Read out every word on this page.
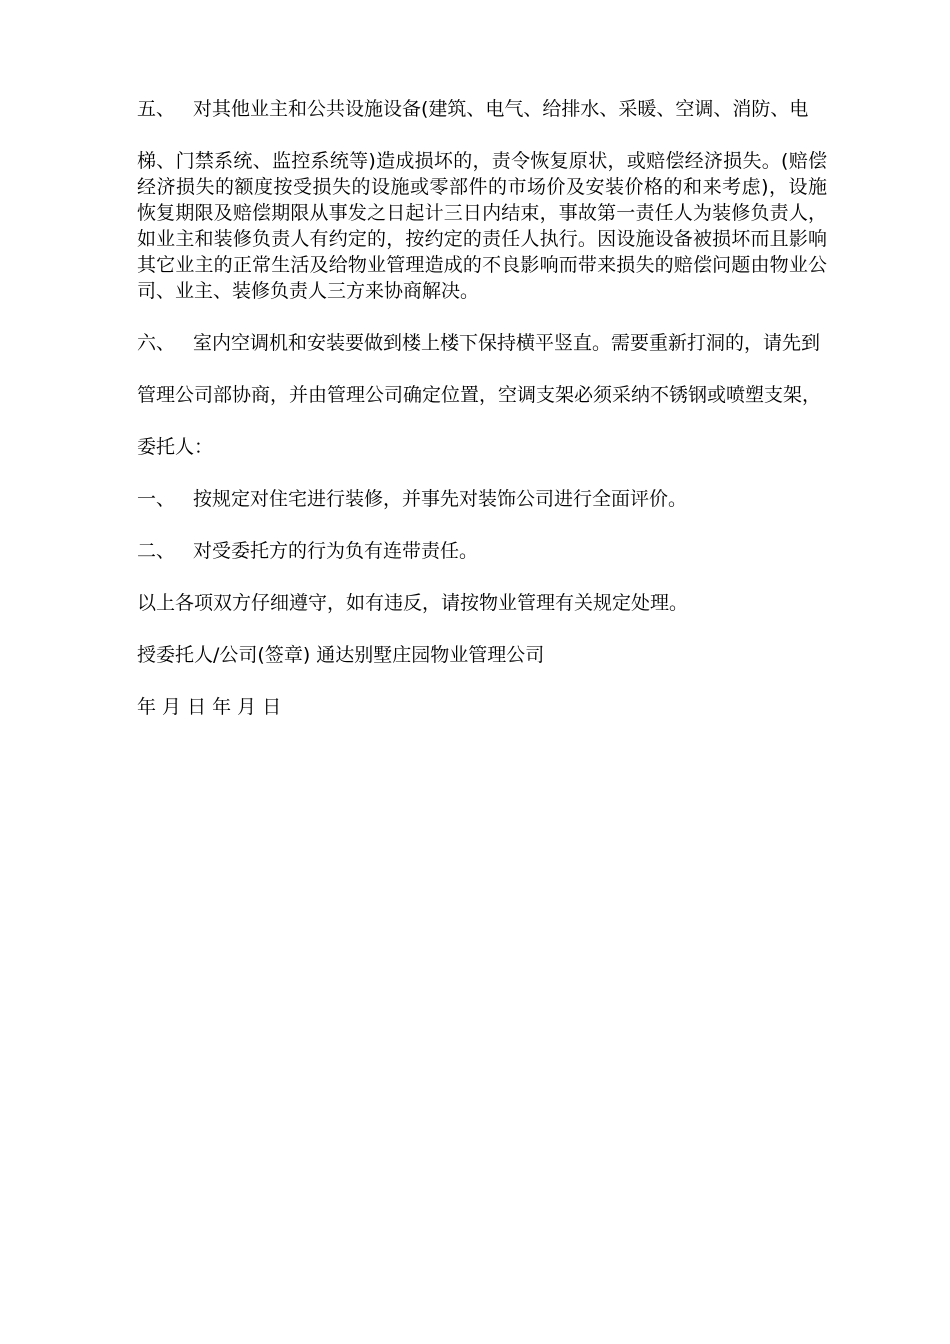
五、 对其他业主和公共设施设备(建筑、电气、给排水、采暖、空调、消防、电

梯、门禁系统、监控系统等)造成损坏的，责令恢复原状，或赔偿经济损失。(赔偿经济损失的额度按受损失的设施或零部件的市场价及安装价格的和来考虑)，设施恢复期限及赔偿期限从事发之日起计三日内结束，事故第一责任人为装修负责人，如业主和装修负责人有约定的，按约定的责任人执行。因设施设备被损坏而且影响其它业主的正常生活及给物业管理造成的不良影响而带来损失的赔偿问题由物业公司、业主、装修负责人三方来协商解决。

六、 室内空调机和安装要做到楼上楼下保持横平竖直。需要重新打洞的，请先到

管理公司部协商，并由管理公司确定位置，空调支架必须采纳不锈钢或喷塑支架，

委托人：

一、 按规定对住宅进行装修，并事先对装饰公司进行全面评价。

二、 对受委托方的行为负有连带责任。

以上各项双方仔细遵守，如有违反，请按物业管理有关规定处理。

授委托人/公司(签章) 通达别墅庄园物业管理公司

年 月 日 年 月 日
